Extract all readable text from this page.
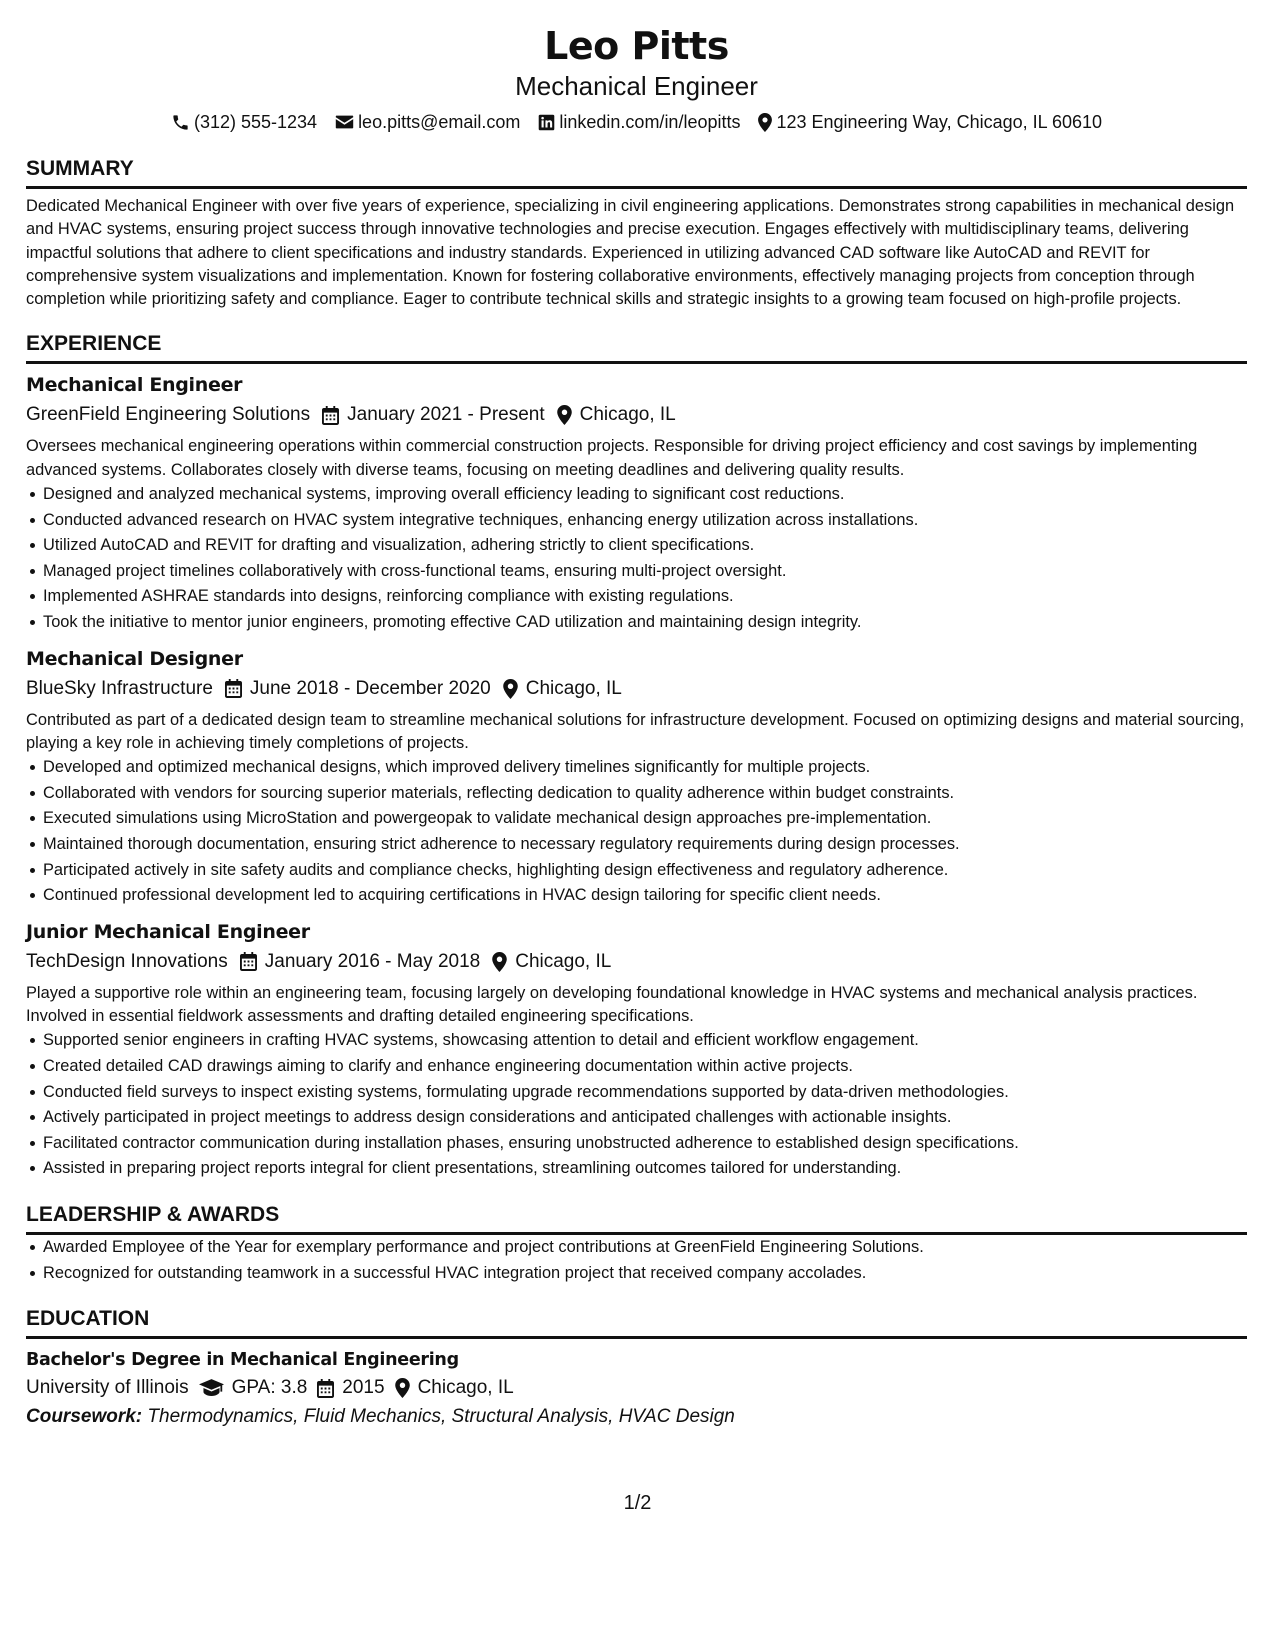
Leo Pitts
Mechanical Engineer
(312) 555-1234 leo.pitts@email.com linkedin.com/in/leopitts 123 Engineering Way, Chicago, IL 60610
SUMMARY
Dedicated Mechanical Engineer with over five years of experience, specializing in civil engineering applications. Demonstrates strong capabilities in mechanical design and HVAC systems, ensuring project success through innovative technologies and precise execution. Engages effectively with multidisciplinary teams, delivering impactful solutions that adhere to client specifications and industry standards. Experienced in utilizing advanced CAD software like AutoCAD and REVIT for comprehensive system visualizations and implementation. Known for fostering collaborative environments, effectively managing projects from conception through completion while prioritizing safety and compliance. Eager to contribute technical skills and strategic insights to a growing team focused on high-profile projects.
EXPERIENCE
Mechanical Engineer
GreenField Engineering Solutions January 2021 - Present Chicago, IL
Oversees mechanical engineering operations within commercial construction projects. Responsible for driving project efficiency and cost savings by implementing advanced systems. Collaborates closely with diverse teams, focusing on meeting deadlines and delivering quality results.
Designed and analyzed mechanical systems, improving overall efficiency leading to significant cost reductions.
Conducted advanced research on HVAC system integrative techniques, enhancing energy utilization across installations.
Utilized AutoCAD and REVIT for drafting and visualization, adhering strictly to client specifications.
Managed project timelines collaboratively with cross-functional teams, ensuring multi-project oversight.
Implemented ASHRAE standards into designs, reinforcing compliance with existing regulations.
Took the initiative to mentor junior engineers, promoting effective CAD utilization and maintaining design integrity.
Mechanical Designer
BlueSky Infrastructure June 2018 - December 2020 Chicago, IL
Contributed as part of a dedicated design team to streamline mechanical solutions for infrastructure development. Focused on optimizing designs and material sourcing, playing a key role in achieving timely completions of projects.
Developed and optimized mechanical designs, which improved delivery timelines significantly for multiple projects.
Collaborated with vendors for sourcing superior materials, reflecting dedication to quality adherence within budget constraints.
Executed simulations using MicroStation and powergeopak to validate mechanical design approaches pre-implementation.
Maintained thorough documentation, ensuring strict adherence to necessary regulatory requirements during design processes.
Participated actively in site safety audits and compliance checks, highlighting design effectiveness and regulatory adherence.
Continued professional development led to acquiring certifications in HVAC design tailoring for specific client needs.
Junior Mechanical Engineer
TechDesign Innovations January 2016 - May 2018 Chicago, IL
Played a supportive role within an engineering team, focusing largely on developing foundational knowledge in HVAC systems and mechanical analysis practices. Involved in essential fieldwork assessments and drafting detailed engineering specifications.
Supported senior engineers in crafting HVAC systems, showcasing attention to detail and efficient workflow engagement.
Created detailed CAD drawings aiming to clarify and enhance engineering documentation within active projects.
Conducted field surveys to inspect existing systems, formulating upgrade recommendations supported by data-driven methodologies.
Actively participated in project meetings to address design considerations and anticipated challenges with actionable insights.
Facilitated contractor communication during installation phases, ensuring unobstructed adherence to established design specifications.
Assisted in preparing project reports integral for client presentations, streamlining outcomes tailored for understanding.
LEADERSHIP & AWARDS
Awarded Employee of the Year for exemplary performance and project contributions at GreenField Engineering Solutions.
Recognized for outstanding teamwork in a successful HVAC integration project that received company accolades.
EDUCATION
Bachelor's Degree in Mechanical Engineering
University of Illinois GPA: 3.8 2015 Chicago, IL
Coursework: Thermodynamics, Fluid Mechanics, Structural Analysis, HVAC Design
1/2
